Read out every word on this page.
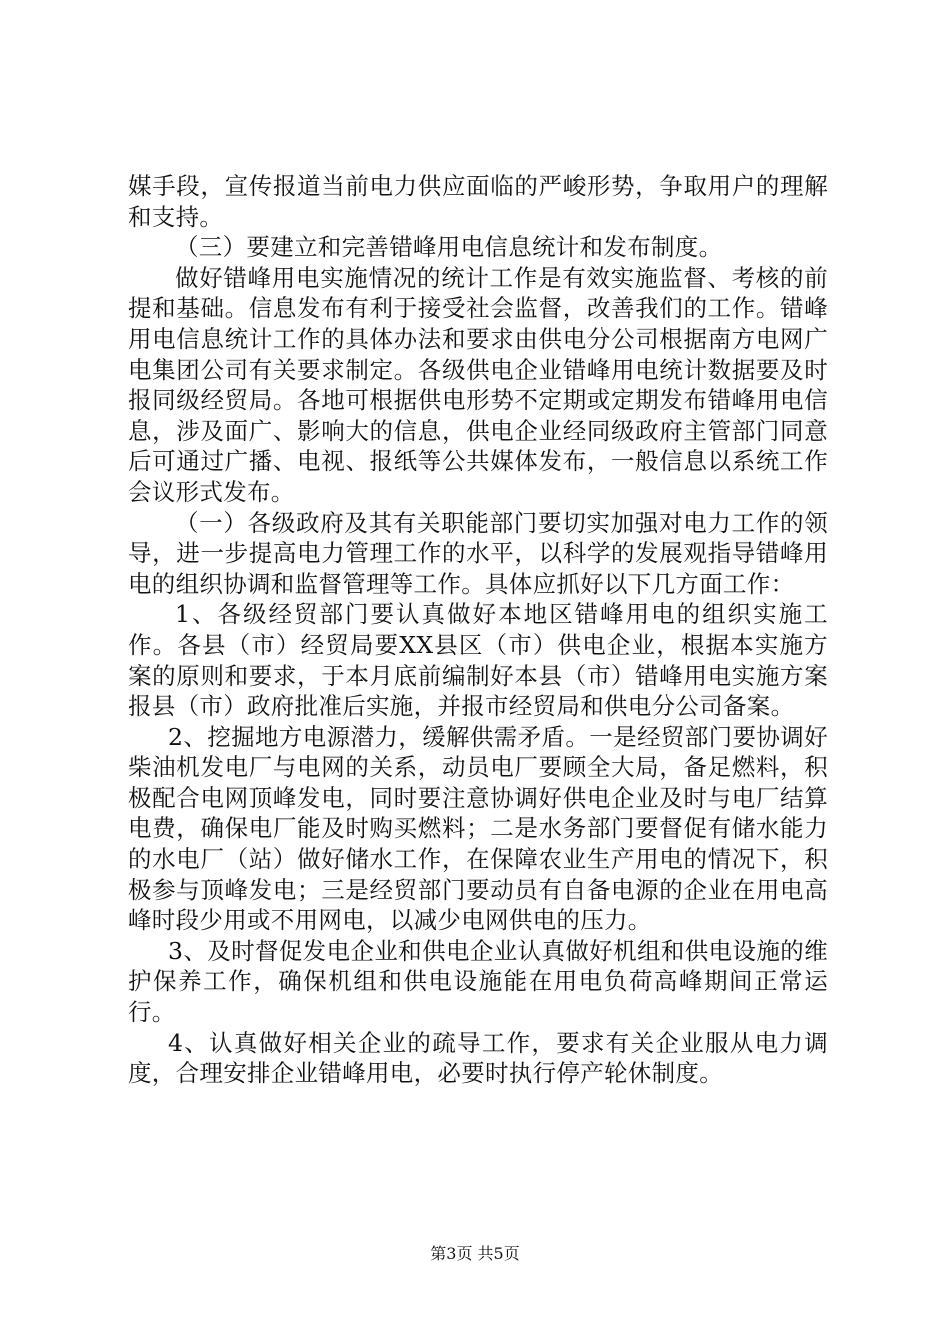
媒手段，宣传报道当前电力供应面临的严峻形势，争取用户的理解和支持。

（三）要建立和完善错峰用电信息统计和发布制度。

做好错峰用电实施情况的统计工作是有效实施监督、考核的前提和基础。信息发布有利于接受社会监督，改善我们的工作。错峰用电信息统计工作的具体办法和要求由供电分公司根据南方电网广电集团公司有关要求制定。各级供电企业错峰用电统计数据要及时报同级经贸局。各地可根据供电形势不定期或定期发布错峰用电信息，涉及面广、影响大的信息，供电企业经同级政府主管部门同意后可通过广播、电视、报纸等公共媒体发布，一般信息以系统工作会议形式发布。

（一）各级政府及其有关职能部门要切实加强对电力工作的领导，进一步提高电力管理工作的水平，以科学的发展观指导错峰用电的组织协调和监督管理等工作。具体应抓好以下几方面工作：

1、各级经贸部门要认真做好本地区错峰用电的组织实施工作。各县（市）经贸局要XX县区（市）供电企业，根据本实施方案的原则和要求，于本月底前编制好本县（市）错峰用电实施方案报县（市）政府批准后实施，并报市经贸局和供电分公司备案。

2、挖掘地方电源潜力，缓解供需矛盾。一是经贸部门要协调好柴油机发电厂与电网的关系，动员电厂要顾全大局，备足燃料，积极配合电网顶峰发电，同时要注意协调好供电企业及时与电厂结算电费，确保电厂能及时购买燃料；二是水务部门要督促有储水能力的水电厂（站）做好储水工作，在保障农业生产用电的情况下，积极参与顶峰发电；三是经贸部门要动员有自备电源的企业在用电高峰时段少用或不用网电，以减少电网供电的压力。

3、及时督促发电企业和供电企业认真做好机组和供电设施的维护保养工作，确保机组和供电设施能在用电负荷高峰期间正常运行。

4、认真做好相关企业的疏导工作，要求有关企业服从电力调度，合理安排企业错峰用电，必要时执行停产轮休制度。

第3页 共5页
